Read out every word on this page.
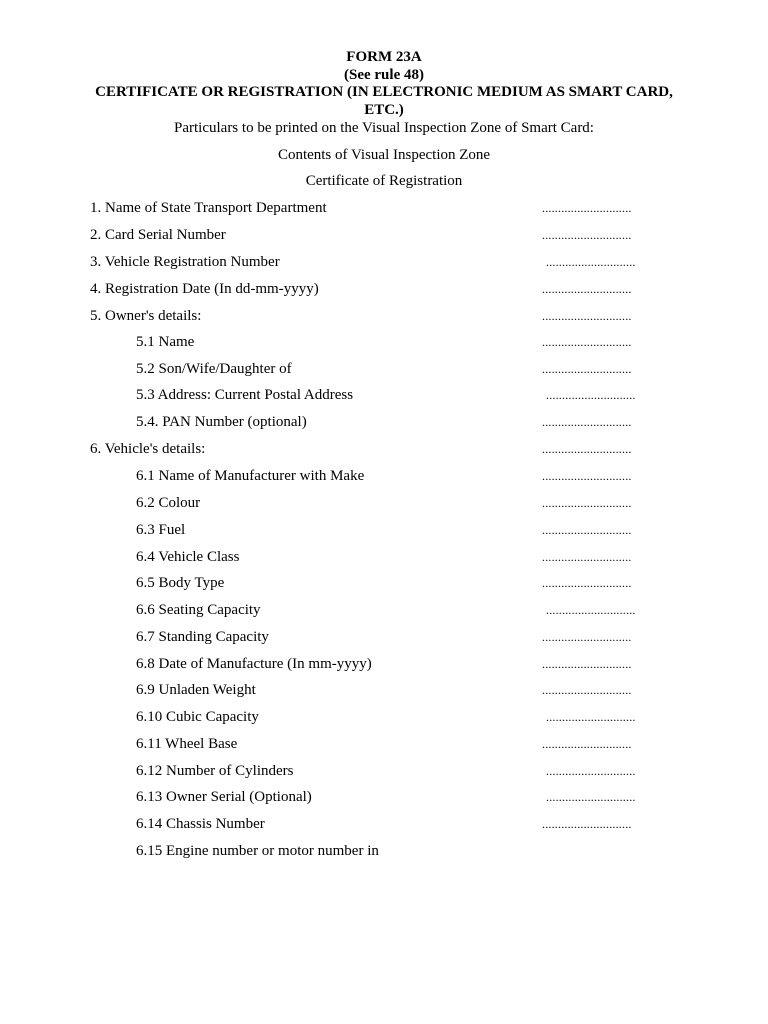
FORM 23A
(See rule 48)
CERTIFICATE OR REGISTRATION (IN ELECTRONIC MEDIUM AS SMART CARD,
ETC.)
Particulars to be printed on the Visual Inspection Zone of Smart Card:
Contents of Visual Inspection Zone
Certificate of Registration
1. Name of State Transport Department	............................
2. Card Serial Number	............................
3. Vehicle Registration Number	............................
4. Registration Date (In dd-mm-yyyy)	............................
5. Owner's details:	............................
5.1 Name	............................
5.2 Son/Wife/Daughter of	............................
5.3 Address: Current Postal Address	............................
5.4. PAN Number (optional)	............................
6. Vehicle's details:	............................
6.1 Name of Manufacturer with Make	............................
6.2 Colour	............................
6.3 Fuel	............................
6.4 Vehicle Class	............................
6.5 Body Type	............................
6.6 Seating Capacity	............................
6.7 Standing Capacity	............................
6.8 Date of Manufacture (In mm-yyyy)	............................
6.9 Unladen Weight	............................
6.10 Cubic Capacity	............................
6.11 Wheel Base	............................
6.12 Number of Cylinders	............................
6.13 Owner Serial (Optional)	............................
6.14 Chassis Number	............................
6.15 Engine number or motor number in
